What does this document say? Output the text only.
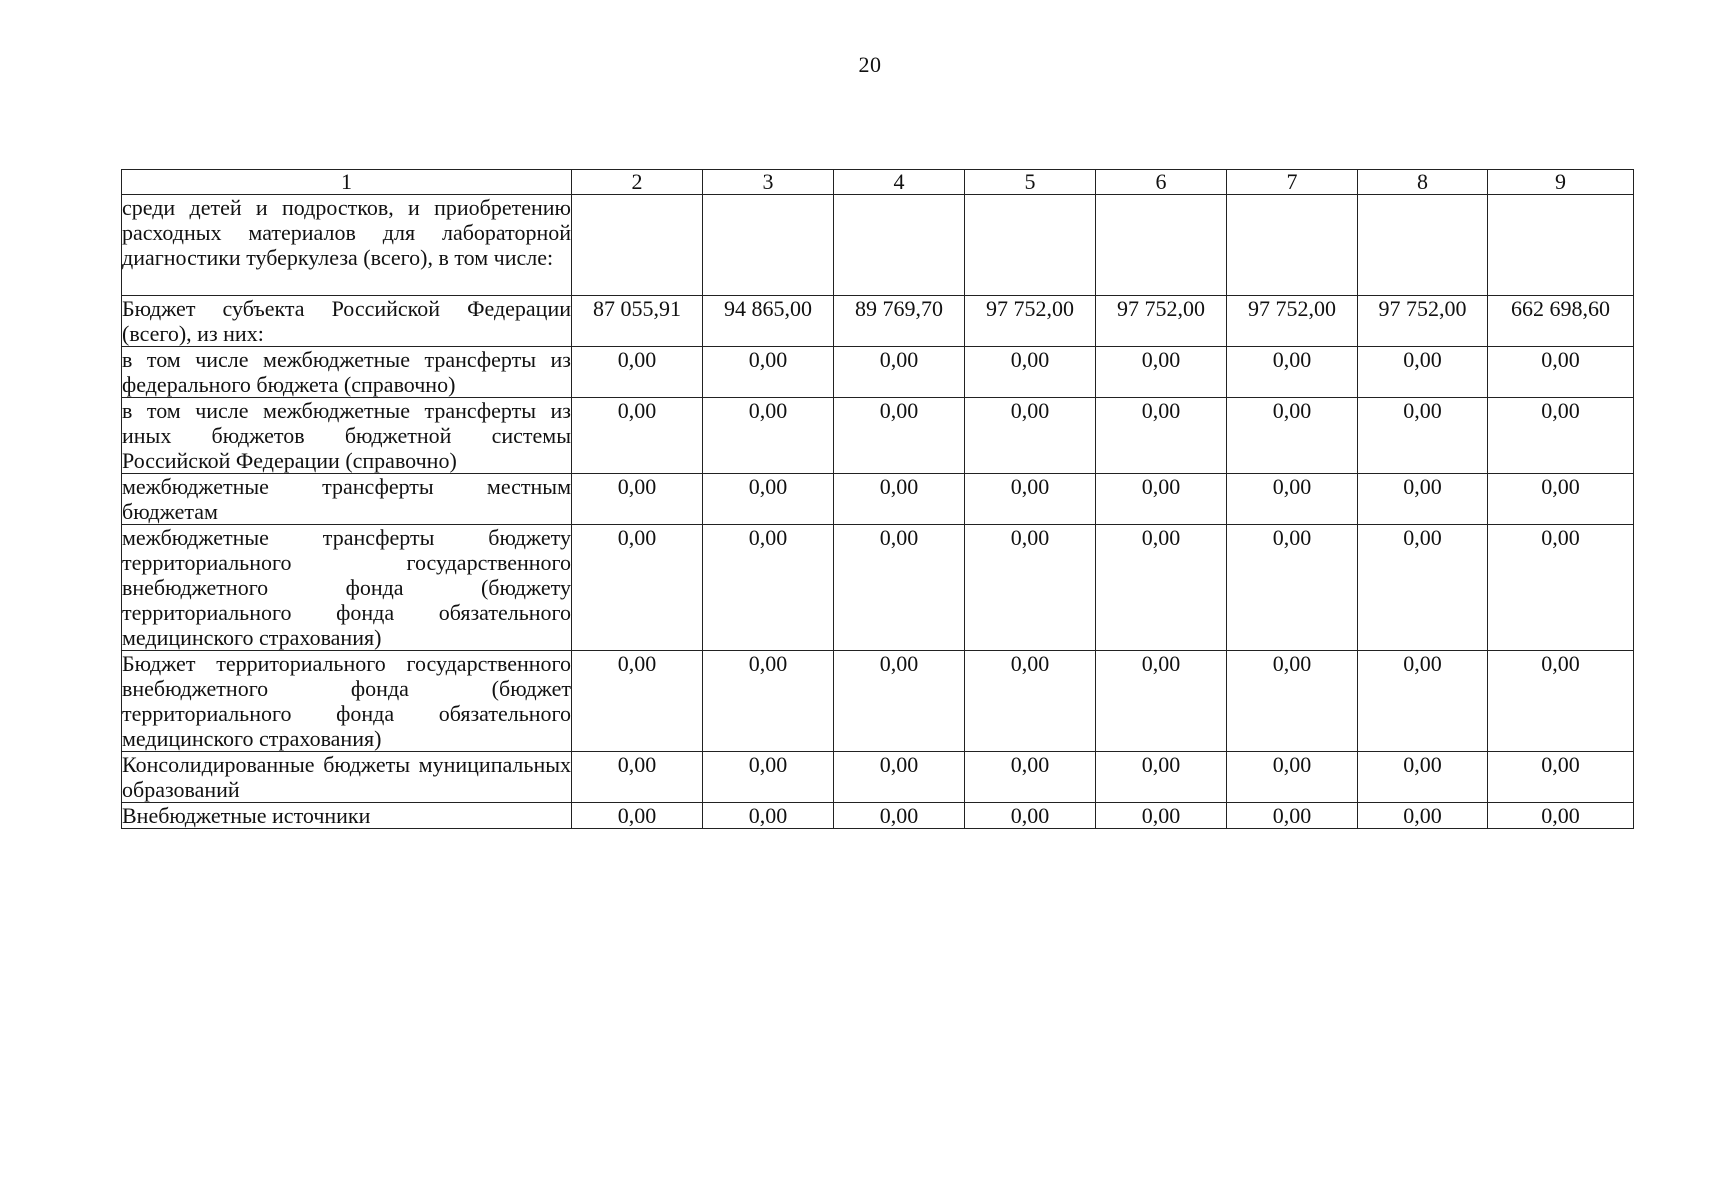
20
1	2	3	4	5	6	7	8	9
среди детей и подростков, и приобретению расходных материалов для лабораторной диагностики туберкулеза (всего), в том числе:								
Бюджет субъекта Российской Федерации (всего), из них:	87 055,91	94 865,00	89 769,70	97 752,00	97 752,00	97 752,00	97 752,00	662 698,60
в том числе межбюджетные трансферты из федерального бюджета (справочно)	0,00	0,00	0,00	0,00	0,00	0,00	0,00	0,00
в том числе межбюджетные трансферты из иных бюджетов бюджетной системы Российской Федерации (справочно)	0,00	0,00	0,00	0,00	0,00	0,00	0,00	0,00
межбюджетные трансферты местным бюджетам	0,00	0,00	0,00	0,00	0,00	0,00	0,00	0,00
межбюджетные трансферты бюджету территориального государственного внебюджетного фонда (бюджету территориального фонда обязательного медицинского страхования)	0,00	0,00	0,00	0,00	0,00	0,00	0,00	0,00
Бюджет территориального государственного внебюджетного фонда (бюджет территориального фонда обязательного медицинского страхования)	0,00	0,00	0,00	0,00	0,00	0,00	0,00	0,00
Консолидированные бюджеты муниципальных образований	0,00	0,00	0,00	0,00	0,00	0,00	0,00	0,00
Внебюджетные источники	0,00	0,00	0,00	0,00	0,00	0,00	0,00	0,00
